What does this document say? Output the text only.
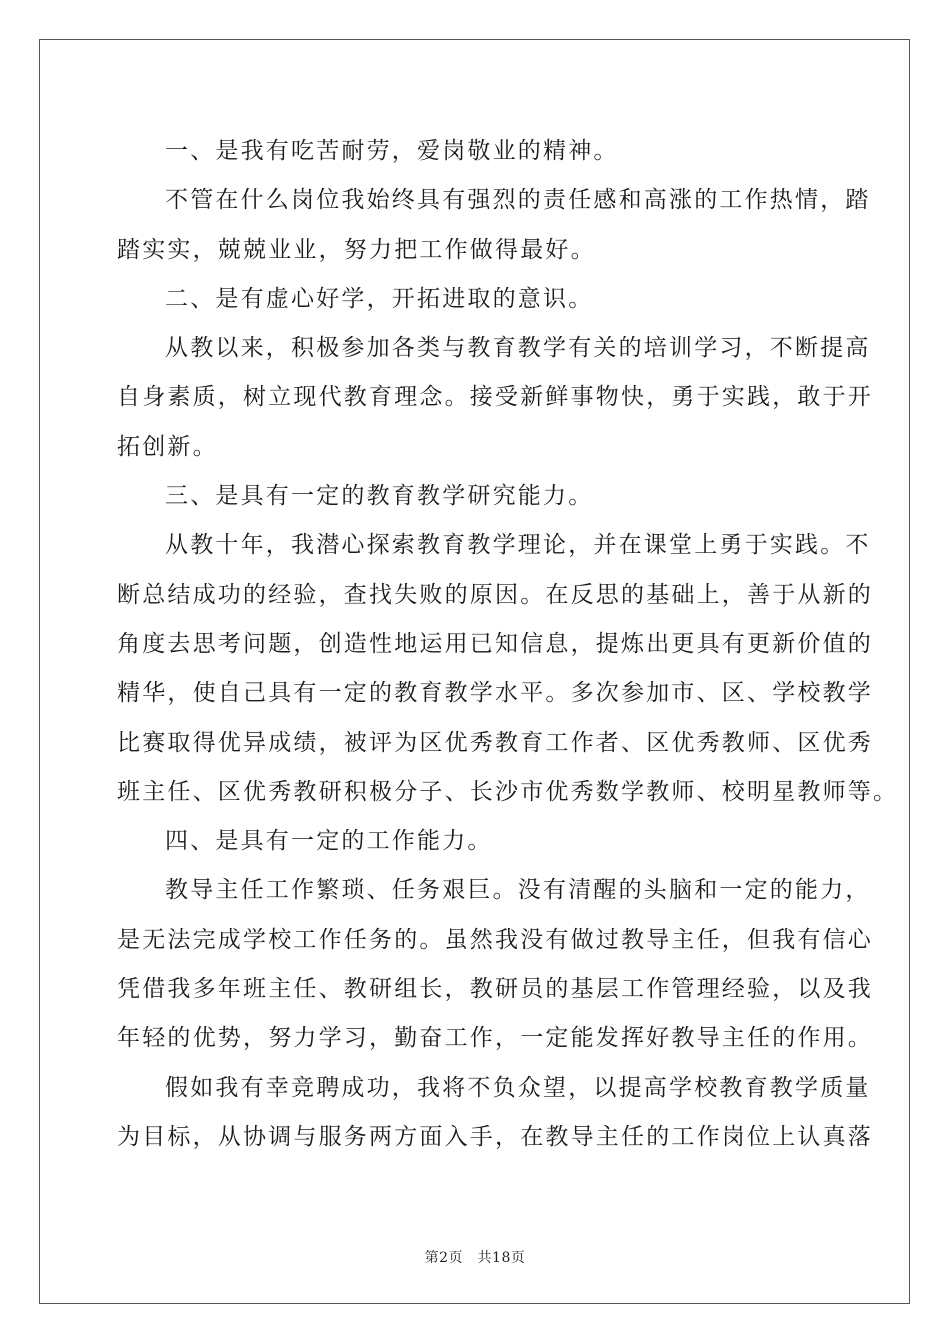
一、是我有吃苦耐劳，爱岗敬业的精神。
不管在什么岗位我始终具有强烈的责任感和高涨的工作热情，踏
踏实实，兢兢业业，努力把工作做得最好。
二、是有虚心好学，开拓进取的意识。
从教以来，积极参加各类与教育教学有关的培训学习，不断提高
自身素质，树立现代教育理念。接受新鲜事物快，勇于实践，敢于开
拓创新。
三、是具有一定的教育教学研究能力。
从教十年，我潜心探索教育教学理论，并在课堂上勇于实践。不
断总结成功的经验，查找失败的原因。在反思的基础上，善于从新的
角度去思考问题，创造性地运用已知信息，提炼出更具有更新价值的
精华，使自己具有一定的教育教学水平。多次参加市、区、学校教学
比赛取得优异成绩，被评为区优秀教育工作者、区优秀教师、区优秀
班主任、区优秀教研积极分子、长沙市优秀数学教师、校明星教师等。
四、是具有一定的工作能力。
教导主任工作繁琐、任务艰巨。没有清醒的头脑和一定的能力，
是无法完成学校工作任务的。虽然我没有做过教导主任，但我有信心
凭借我多年班主任、教研组长，教研员的基层工作管理经验，以及我
年轻的优势，努力学习，勤奋工作，一定能发挥好教导主任的作用。
假如我有幸竞聘成功，我将不负众望，以提高学校教育教学质量
为目标，从协调与服务两方面入手，在教导主任的工作岗位上认真落
第2页　共18页
